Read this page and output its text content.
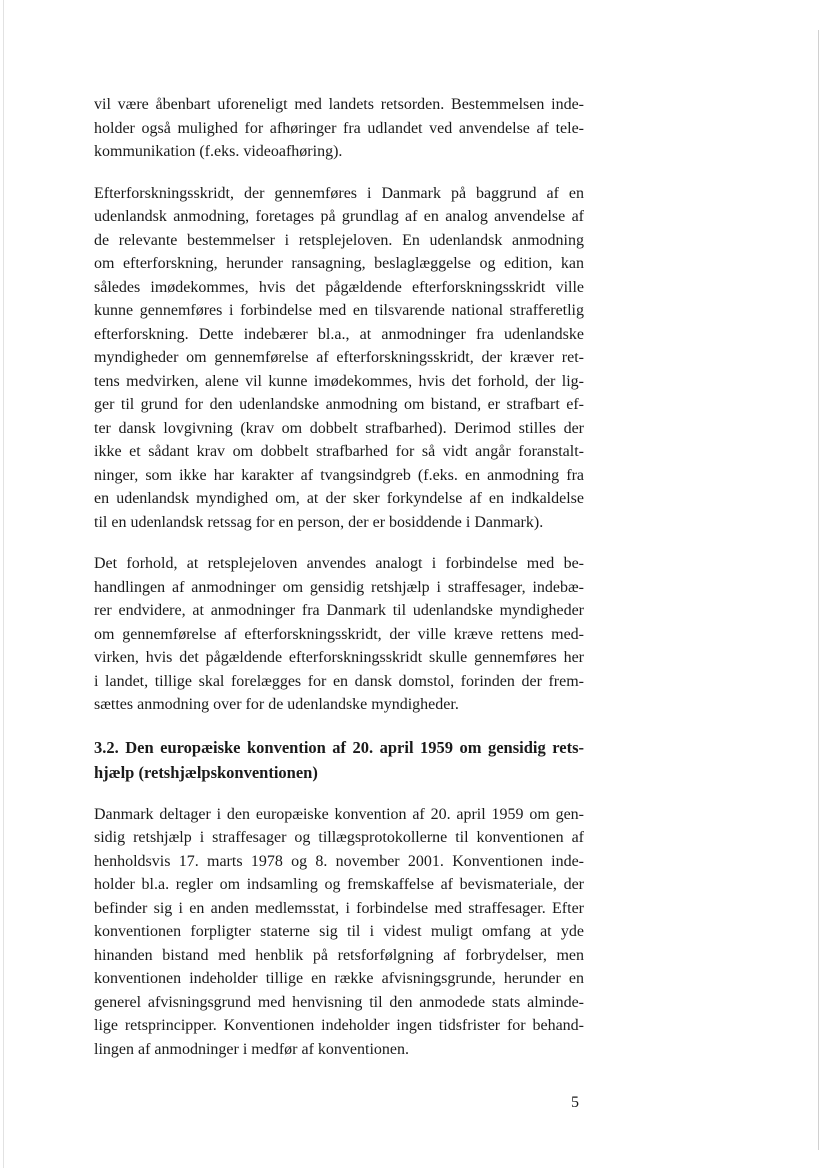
vil være åbenbart uforeneligt med landets retsorden. Bestemmelsen inde-
holder også mulighed for afhøringer fra udlandet ved anvendelse af tele-
kommunikation (f.eks. videoafhøring).

Efterforskningsskridt, der gennemføres i Danmark på baggrund af en
udenlandsk anmodning, foretages på grundlag af en analog anvendelse af
de relevante bestemmelser i retsplejeloven. En udenlandsk anmodning
om efterforskning, herunder ransagning, beslaglæggelse og edition, kan
således imødekommes, hvis det pågældende efterforskningsskridt ville
kunne gennemføres i forbindelse med en tilsvarende national strafferetlig
efterforskning. Dette indebærer bl.a., at anmodninger fra udenlandske
myndigheder om gennemførelse af efterforskningsskridt, der kræver ret-
tens medvirken, alene vil kunne imødekommes, hvis det forhold, der lig-
ger til grund for den udenlandske anmodning om bistand, er strafbart ef-
ter dansk lovgivning (krav om dobbelt strafbarhed). Derimod stilles der
ikke et sådant krav om dobbelt strafbarhed for så vidt angår foranstalt-
ninger, som ikke har karakter af tvangsindgreb (f.eks. en anmodning fra
en udenlandsk myndighed om, at der sker forkyndelse af en indkaldelse
til en udenlandsk retssag for en person, der er bosiddende i Danmark).

Det forhold, at retsplejeloven anvendes analogt i forbindelse med be-
handlingen af anmodninger om gensidig retshjælp i straffesager, indebæ-
rer endvidere, at anmodninger fra Danmark til udenlandske myndigheder
om gennemførelse af efterforskningsskridt, der ville kræve rettens med-
virken, hvis det pågældende efterforskningsskridt skulle gennemføres her
i landet, tillige skal forelægges for en dansk domstol, forinden der frem-
sættes anmodning over for de udenlandske myndigheder.

3.2. Den europæiske konvention af 20. april 1959 om gensidig rets-
hjælp (retshjælpskonventionen)

Danmark deltager i den europæiske konvention af 20. april 1959 om gen-
sidig retshjælp i straffesager og tillægsprotokollerne til konventionen af
henholdsvis 17. marts 1978 og 8. november 2001. Konventionen inde-
holder bl.a. regler om indsamling og fremskaffelse af bevismateriale, der
befinder sig i en anden medlemsstat, i forbindelse med straffesager. Efter
konventionen forpligter staterne sig til i videst muligt omfang at yde
hinanden bistand med henblik på retsforfølgning af forbrydelser, men
konventionen indeholder tillige en række afvisningsgrunde, herunder en
generel afvisningsgrund med henvisning til den anmodede stats alminde-
lige retsprincipper. Konventionen indeholder ingen tidsfrister for behand-
lingen af anmodninger i medfør af konventionen.

5
